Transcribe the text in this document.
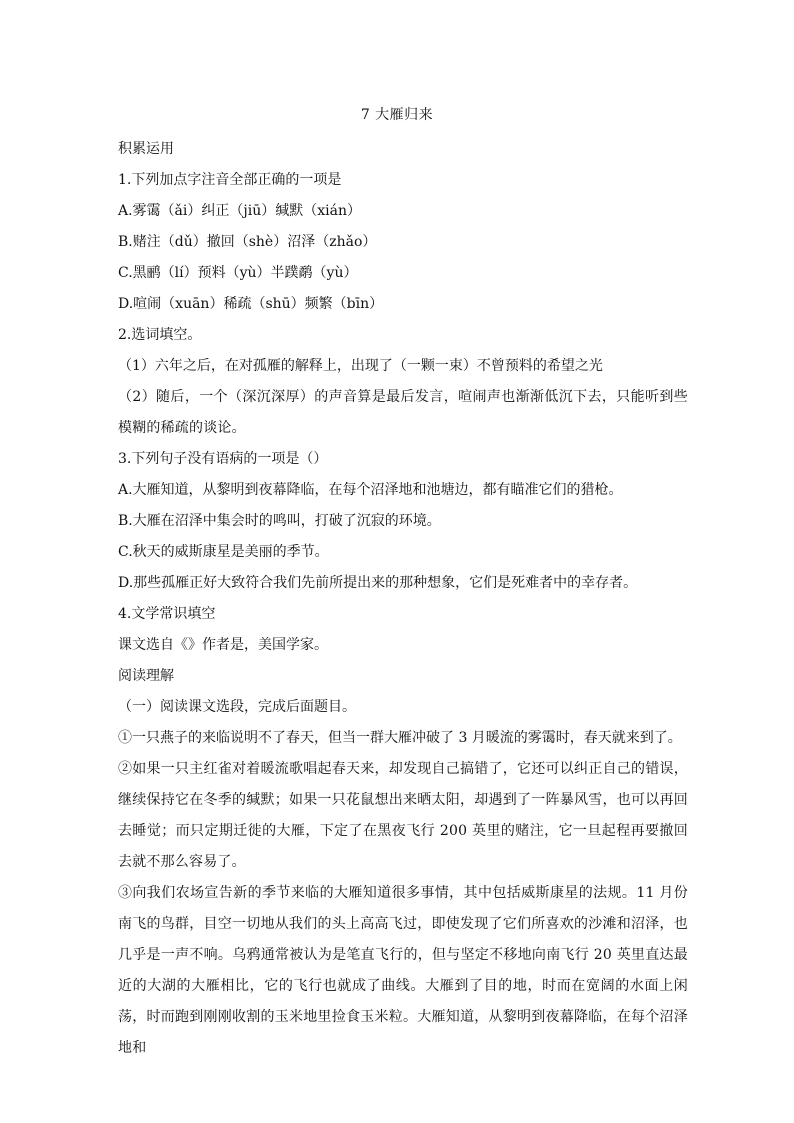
7 大雁归来
积累运用
1.下列加点字注音全部正确的一项是
A.雾霭（ǎi）纠正（jiū）缄默（xián）
B.赌注（dǔ）撤回（shè）沼泽（zhǎo）
C.黑鹂（lí）预料（yù）半蹼鹬（yù）
D.喧闹（xuān）稀疏（shū）频繁（bīn）
2.选词填空。
（1）六年之后，在对孤雁的解释上，出现了（一颗一束）不曾预料的希望之光
（2）随后，一个（深沉深厚）的声音算是最后发言，喧闹声也渐渐低沉下去，只能听到些模糊的稀疏的谈论。
3.下列句子没有语病的一项是（）
A.大雁知道，从黎明到夜幕降临，在每个沼泽地和池塘边，都有瞄准它们的猎枪。
B.大雁在沼泽中集会时的鸣叫，打破了沉寂的环境。
C.秋天的威斯康星是美丽的季节。
D.那些孤雁正好大致符合我们先前所提出来的那种想象，它们是死难者中的幸存者。
4.文学常识填空
课文选自《》作者是，美国学家。
阅读理解
（一）阅读课文选段，完成后面题目。
①一只燕子的来临说明不了春天，但当一群大雁冲破了 3 月暖流的雾霭时，春天就来到了。
②如果一只主红雀对着暖流歌唱起春天来，却发现自己搞错了，它还可以纠正自己的错误，继续保持它在冬季的缄默；如果一只花鼠想出来晒太阳，却遇到了一阵暴风雪，也可以再回去睡觉；而只定期迁徙的大雁，下定了在黑夜飞行 200 英里的赌注，它一旦起程再要撤回去就不那么容易了。
③向我们农场宣告新的季节来临的大雁知道很多事情，其中包括威斯康星的法规。11 月份南飞的鸟群，目空一切地从我们的头上高高飞过，即使发现了它们所喜欢的沙滩和沼泽，也几乎是一声不响。乌鸦通常被认为是笔直飞行的，但与坚定不移地向南飞行 20 英里直达最近的大湖的大雁相比，它的飞行也就成了曲线。大雁到了目的地，时而在宽阔的水面上闲荡，时而跑到刚刚收割的玉米地里捡食玉米粒。大雁知道，从黎明到夜幕降临，在每个沼泽地和
